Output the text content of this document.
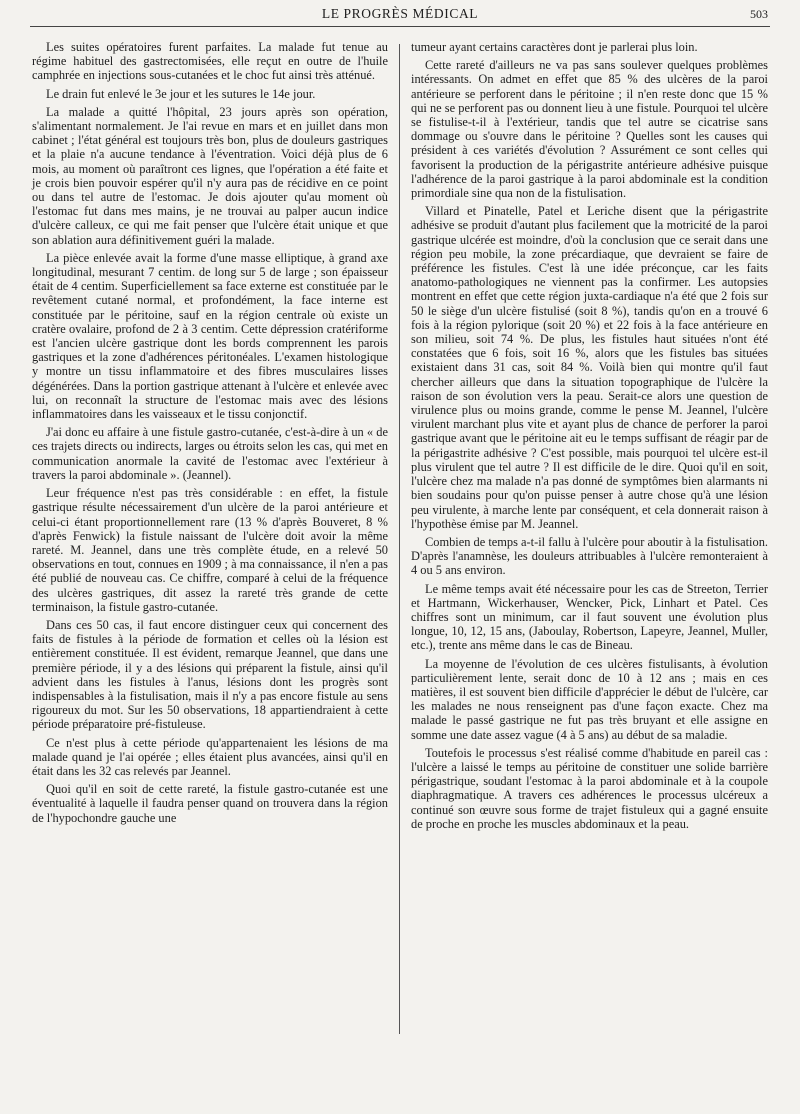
LE PROGRÈS MÉDICAL	503

Les suites opératoires furent parfaites. La malade fut tenue au régime habituel des gastrectomisées, elle reçut en outre de l'huile camphrée en injections sous-cutanées et le choc fut ainsi très atténué.

Le drain fut enlevé le 3e jour et les sutures le 14e jour.

La malade a quitté l'hôpital, 23 jours après son opération, s'alimentant normalement. Je l'ai revue en mars et en juillet dans mon cabinet ; l'état général est toujours très bon, plus de douleurs gastriques et la plaie n'a aucune tendance à l'éventration. Voici déjà plus de 6 mois, au moment où paraîtront ces lignes, que l'opération a été faite et je crois bien pouvoir espérer qu'il n'y aura pas de récidive en ce point ou dans tel autre de l'estomac. Je dois ajouter qu'au moment où l'estomac fut dans mes mains, je ne trouvai au palper aucun indice d'ulcère calleux, ce qui me fait penser que l'ulcère était unique et que son ablation aura définitivement guéri la malade.

La pièce enlevée avait la forme d'une masse elliptique, à grand axe longitudinal, mesurant 7 centim. de long sur 5 de large ; son épaisseur était de 4 centim. Superficiellement sa face externe est constituée par le revêtement cutané normal, et profondément, la face interne est constituée par le péritoine, sauf en la région centrale où existe un cratère ovalaire, profond de 2 à 3 centim. Cette dépression cratériforme est l'ancien ulcère gastrique dont les bords comprennent les parois gastriques et la zone d'adhérences péritonéales. L'examen histologique y montre un tissu inflammatoire et des fibres musculaires lisses dégénérées. Dans la portion gastrique attenant à l'ulcère et enlevée avec lui, on reconnaît la structure de l'estomac mais avec des lésions inflammatoires dans les vaisseaux et le tissu conjonctif.

J'ai donc eu affaire à une fistule gastro-cutanée, c'est-à-dire à un « de ces trajets directs ou indirects, larges ou étroits selon les cas, qui met en communication anormale la cavité de l'estomac avec l'extérieur à travers la paroi abdominale ». (Jeannel).

Leur fréquence n'est pas très considérable : en effet, la fistule gastrique résulte nécessairement d'un ulcère de la paroi antérieure et celui-ci étant proportionnellement rare (13 % d'après Bouveret, 8 % d'après Fenwick) la fistule naissant de l'ulcère doit avoir la même rareté. M. Jeannel, dans une très complète étude, en a relevé 50 observations en tout, connues en 1909 ; à ma connaissance, il n'en a pas été publié de nouveau cas. Ce chiffre, comparé à celui de la fréquence des ulcères gastriques, dit assez la rareté très grande de cette terminaison, la fistule gastro-cutanée.

Dans ces 50 cas, il faut encore distinguer ceux qui concernent des faits de fistules à la période de formation et celles où la lésion est entièrement constituée. Il est évident, remarque Jeannel, que dans une première période, il y a des lésions qui préparent la fistule, ainsi qu'il advient dans les fistules à l'anus, lésions dont les progrès sont indispensables à la fistulisation, mais il n'y a pas encore fistule au sens rigoureux du mot. Sur les 50 observations, 18 appartiendraient à cette période préparatoire pré-fistuleuse.

Ce n'est plus à cette période qu'appartenaient les lésions de ma malade quand je l'ai opérée ; elles étaient plus avancées, ainsi qu'il en était dans les 32 cas relevés par Jeannel.

Quoi qu'il en soit de cette rareté, la fistule gastro-cutanée est une éventualité à laquelle il faudra penser quand on trouvera dans la région de l'hypochondre gauche une

tumeur ayant certains caractères dont je parlerai plus loin.

Cette rareté d'ailleurs ne va pas sans soulever quelques problèmes intéressants. On admet en effet que 85 % des ulcères de la paroi antérieure se perforent dans le péritoine ; il n'en reste donc que 15 % qui ne se perforent pas ou donnent lieu à une fistule. Pourquoi tel ulcère se fistulise-t-il à l'extérieur, tandis que tel autre se cicatrise sans dommage ou s'ouvre dans le péritoine ? Quelles sont les causes qui président à ces variétés d'évolution ? Assurément ce sont celles qui favorisent la production de la périgastrite antérieure adhésive puisque l'adhérence de la paroi gastrique à la paroi abdominale est la condition primordiale sine qua non de la fistulisation.

Villard et Pinatelle, Patel et Leriche disent que la périgastrite adhésive se produit d'autant plus facilement que la motricité de la paroi gastrique ulcérée est moindre, d'où la conclusion que ce serait dans une région peu mobile, la zone précardiaque, que devraient se faire de préférence les fistules. C'est là une idée préconçue, car les faits anatomo-pathologiques ne viennent pas la confirmer. Les autopsies montrent en effet que cette région juxta-cardiaque n'a été que 2 fois sur 50 le siège d'un ulcère fistulisé (soit 8 %), tandis qu'on en a trouvé 6 fois à la région pylorique (soit 20 %) et 22 fois à la face antérieure en son milieu, soit 74 %. De plus, les fistules haut situées n'ont été constatées que 6 fois, soit 16 %, alors que les fistules bas situées existaient dans 31 cas, soit 84 %. Voilà bien qui montre qu'il faut chercher ailleurs que dans la situation topographique de l'ulcère la raison de son évolution vers la peau. Serait-ce alors une question de virulence plus ou moins grande, comme le pense M. Jeannel, l'ulcère virulent marchant plus vite et ayant plus de chance de perforer la paroi gastrique avant que le péritoine ait eu le temps suffisant de réagir par de la périgastrite adhésive ? C'est possible, mais pourquoi tel ulcère est-il plus virulent que tel autre ? Il est difficile de le dire. Quoi qu'il en soit, l'ulcère chez ma malade n'a pas donné de symptômes bien alarmants ni bien soudains pour qu'on puisse penser à autre chose qu'à une lésion peu virulente, à marche lente par conséquent, et cela donnerait raison à l'hypothèse émise par M. Jeannel.

Combien de temps a-t-il fallu à l'ulcère pour aboutir à la fistulisation. D'après l'anamnèse, les douleurs attribuables à l'ulcère remonteraient à 4 ou 5 ans environ.

Le même temps avait été nécessaire pour les cas de Streeton, Terrier et Hartmann, Wickerhauser, Wencker, Pick, Linhart et Patel. Ces chiffres sont un minimum, car il faut souvent une évolution plus longue, 10, 12, 15 ans, (Jaboulay, Robertson, Lapeyre, Jeannel, Muller, etc.), trente ans même dans le cas de Bineau.

La moyenne de l'évolution de ces ulcères fistulisants, à évolution particulièrement lente, serait donc de 10 à 12 ans ; mais en ces matières, il est souvent bien difficile d'apprécier le début de l'ulcère, car les malades ne nous renseignent pas d'une façon exacte. Chez ma malade le passé gastrique ne fut pas très bruyant et elle assigne en somme une date assez vague (4 à 5 ans) au début de sa maladie.

Toutefois le processus s'est réalisé comme d'habitude en pareil cas : l'ulcère a laissé le temps au péritoine de constituer une solide barrière périgastrique, soudant l'estomac à la paroi abdominale et à la coupole diaphragmatique. A travers ces adhérences le processus ulcéreux a continué son œuvre sous forme de trajet fistuleux qui a gagné ensuite de proche en proche les muscles abdominaux et la peau.
